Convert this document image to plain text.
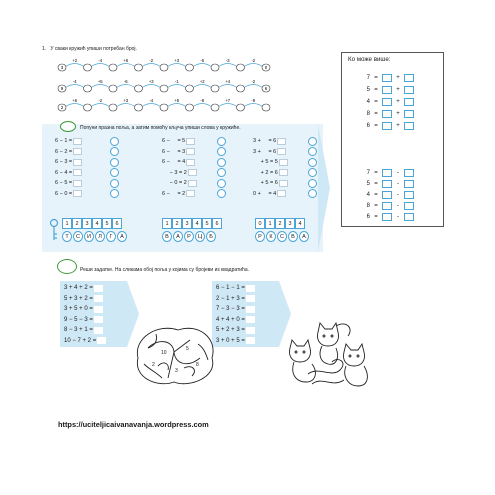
1. У сваки кружић упиши потребан број.
+2	-4	+6	-2	+3	-5	-3	-2
3	0
-4	+5	-6	+3	-1	+2	+4	-2
9	6
+6	-2	+3	-4	+5	-8	+7	-9
2
Ко може више:
7 =	+
5 =	+
4 =	+
8 =	+
6 =	+
7 =	-
5 =	-
4 =	-
8 =	-
6 =	-
Попуни празна поља, а затим помоћу кључа упиши слова у кружиће.
6 − 1 =
6 − 2 =
6 − 3 =
6 − 4 =
6 − 5 =
6 − 0 =
6 −     = 5
6 −     = 3
6 −     = 4
− 3 = 2
− 0 = 2
6 −     = 2
3 +     = 6
3 +     = 6
+ 5 = 5
+ 2 = 6
+ 5 = 6
0 +     = 4
1	2	3	4	5	6
Т	С	И	Л	Г	А
1	2	3	4	5	6
В	А	Р	Ц	Б
0	1	2	3	4
Р	К	С	В	А
Реши задатке. На сликама обој поља у којима су бројеви из квадратића.
3 + 4 + 2 =
5 + 3 + 2 =
3 + 5 + 0 =
9 − 5 − 3 =
8 − 3 + 1 =
10 − 7 + 2 =
6 − 1 − 1 =
2 − 1 + 3 =
7 − 3 − 3 =
4 + 4 + 0 =
5 + 2 + 3 =
3 + 0 + 5 =
10
3
5
2	8
https://uciteljicaivanavanja.wordpress.com
